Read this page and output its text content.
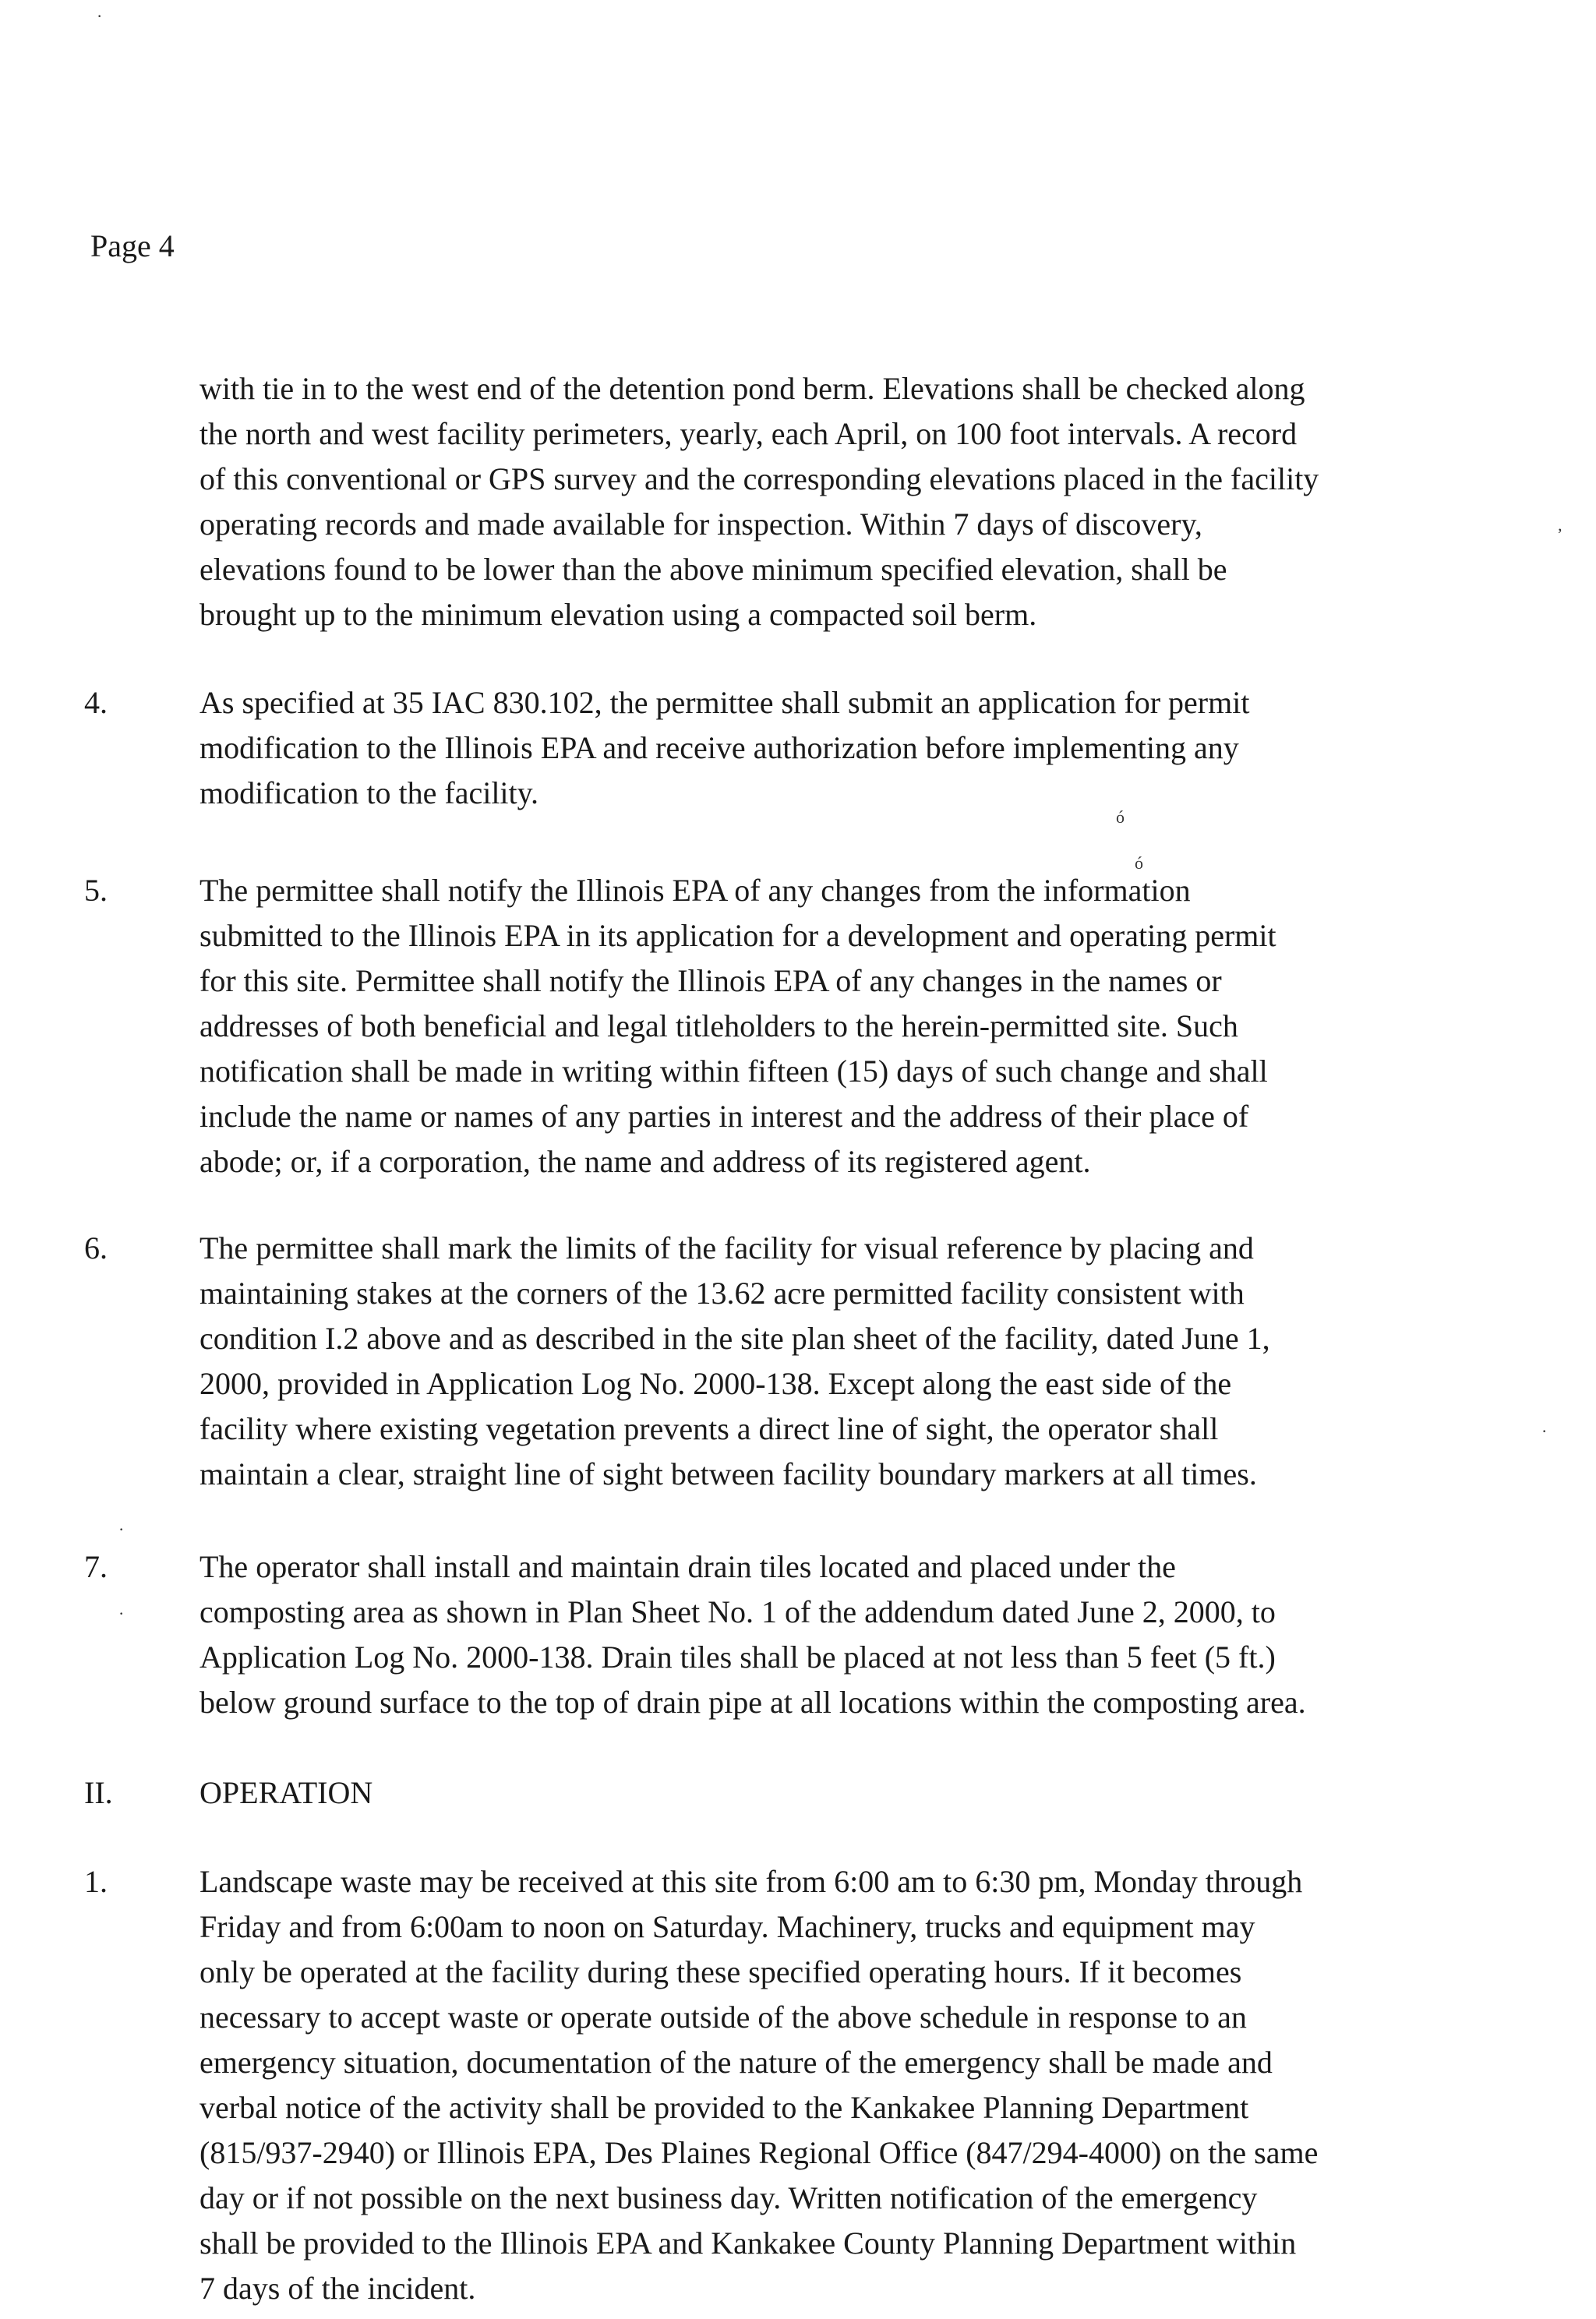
Page 4
with tie in to the west end of the detention pond berm. Elevations shall be checked along
the north and west facility perimeters, yearly, each April, on 100 foot intervals. A record
of this conventional or GPS survey and the corresponding elevations placed in the facility
operating records and made available for inspection. Within 7 days of discovery,
elevations found to be lower than the above minimum specified elevation, shall be
brought up to the minimum elevation using a compacted soil berm.
4.	As specified at 35 IAC 830.102, the permittee shall submit an application for permit
modification to the Illinois EPA and receive authorization before implementing any
modification to the facility.
5.	The permittee shall notify the Illinois EPA of any changes from the information
submitted to the Illinois EPA in its application for a development and operating permit
for this site. Permittee shall notify the Illinois EPA of any changes in the names or
addresses of both beneficial and legal titleholders to the herein-permitted site. Such
notification shall be made in writing within fifteen (15) days of such change and shall
include the name or names of any parties in interest and the address of their place of
abode; or, if a corporation, the name and address of its registered agent.
6.	The permittee shall mark the limits of the facility for visual reference by placing and
maintaining stakes at the corners of the 13.62 acre permitted facility consistent with
condition I.2 above and as described in the site plan sheet of the facility, dated June 1,
2000, provided in Application Log No. 2000-138. Except along the east side of the
facility where existing vegetation prevents a direct line of sight, the operator shall
maintain a clear, straight line of sight between facility boundary markers at all times.
7.	The operator shall install and maintain drain tiles located and placed under the
composting area as shown in Plan Sheet No. 1 of the addendum dated June 2, 2000, to
Application Log No. 2000-138. Drain tiles shall be placed at not less than 5 feet (5 ft.)
below ground surface to the top of drain pipe at all locations within the composting area.
II.	OPERATION
1.	Landscape waste may be received at this site from 6:00 am to 6:30 pm, Monday through
Friday and from 6:00am to noon on Saturday. Machinery, trucks and equipment may
only be operated at the facility during these specified operating hours. If it becomes
necessary to accept waste or operate outside of the above schedule in response to an
emergency situation, documentation of the nature of the emergency shall be made and
verbal notice of the activity shall be provided to the Kankakee Planning Department
(815/937-2940) or Illinois EPA, Des Plaines Regional Office (847/294-4000) on the same
day or if not possible on the next business day. Written notification of the emergency
shall be provided to the Illinois EPA and Kankakee County Planning Department within
7 days of the incident.
·
‚
ó
ó
·
·
·
